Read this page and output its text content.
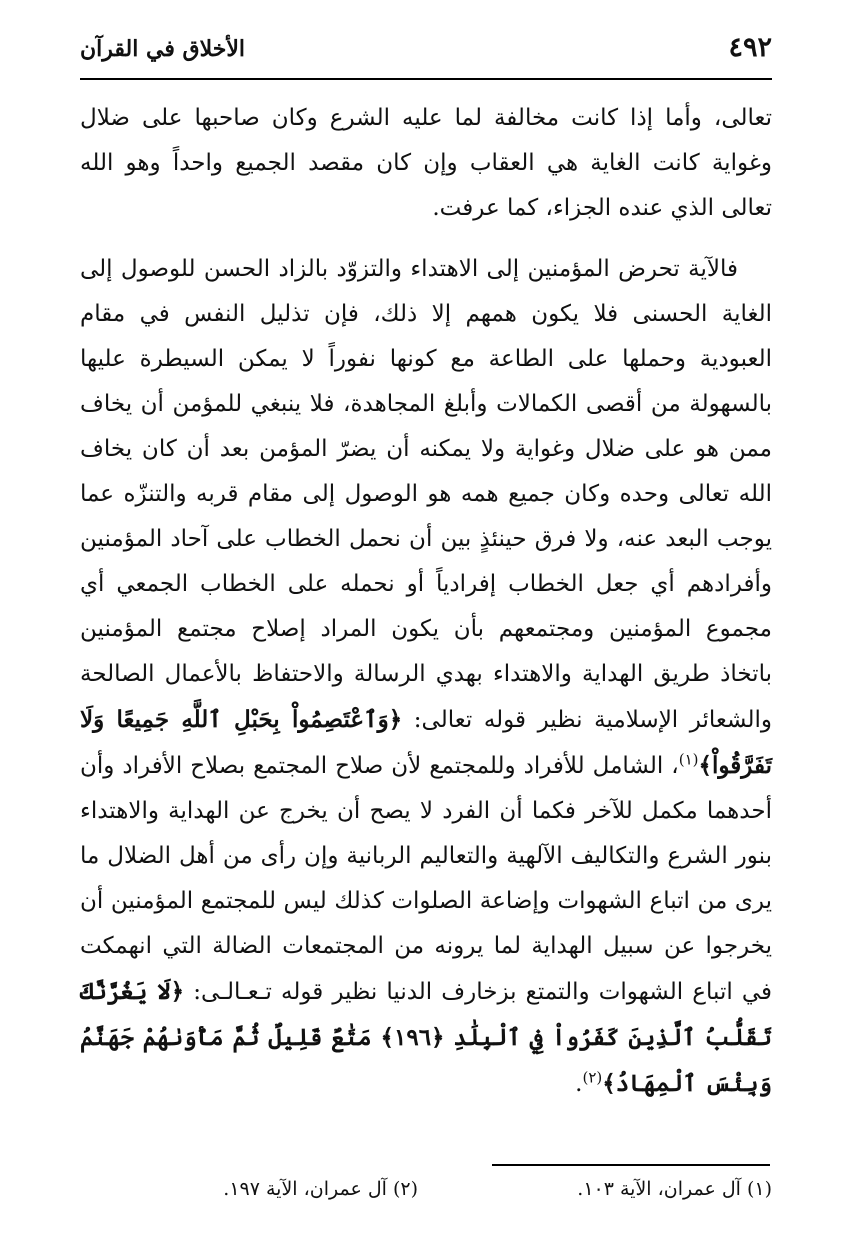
٤٩٢
الأخلاق في القرآن

تعالى، وأما إذا كانت مخالفة لما عليه الشرع وكان صاحبها على ضلال وغواية كانت الغاية هي العقاب وإن كان مقصد الجميع واحداً وهو الله تعالى الذي عنده الجزاء، كما عرفت.

فالآية تحرض المؤمنين إلى الاهتداء والتزوّد بالزاد الحسن للوصول إلى الغاية الحسنى فلا يكون همهم إلا ذلك، فإن تذليل النفس في مقام العبودية وحملها على الطاعة مع كونها نفوراً لا يمكن السيطرة عليها بالسهولة من أقصى الكمالات وأبلغ المجاهدة، فلا ينبغي للمؤمن أن يخاف ممن هو على ضلال وغواية ولا يمكنه أن يضرّ المؤمن بعد أن كان يخاف الله تعالى وحده وكان جميع همه هو الوصول إلى مقام قربه والتنزّه عما يوجب البعد عنه، ولا فرق حينئذٍ بين أن نحمل الخطاب على آحاد المؤمنين وأفرادهم أي جعل الخطاب إفرادياً أو نحمله على الخطاب الجمعي أي مجموع المؤمنين ومجتمعهم بأن يكون المراد إصلاح مجتمع المؤمنين باتخاذ طريق الهداية والاهتداء بهدي الرسالة والاحتفاظ بالأعمال الصالحة والشعائر الإسلامية نظير قوله تعالى: ﴿وَٱعْتَصِمُواْ بِحَبْلِ ٱللَّهِ جَمِيعًا وَلَا تَفَرَّقُواْ﴾$^{(١)}$، الشامل للأفراد وللمجتمع لأن صلاح المجتمع بصلاح الأفراد وأن أحدهما مكمل للآخر فكما أن الفرد لا يصح أن يخرج عن الهداية والاهتداء بنور الشرع والتكاليف الآلهية والتعاليم الربانية وإن رأى من أهل الضلال ما يرى من اتباع الشهوات وإضاعة الصلوات كذلك ليس للمجتمع المؤمنين أن يخرجوا عن سبيل الهداية لما يرونه من المجتمعات الضالة التي انهمكت في اتباع الشهوات والتمتع بزخارف الدنيا نظير قوله تـعـالـى: ﴿لَا يَغُرَّنَّكَ تَقَلُّبُ ٱلَّذِينَ كَفَرُواْ فِي ٱلْبِلَٰدِ ﴿١٩٦﴾ مَتَٰعٌ قَلِيلٌ ثُمَّ مَأْوَىٰهُمْ جَهَنَّمُ وَبِئْسَ ٱلْمِهَادُ﴾$^{(٢)}$.

(١) آل عمران، الآية ١٠٣.
(٢) آل عمران، الآية ١٩٧.
